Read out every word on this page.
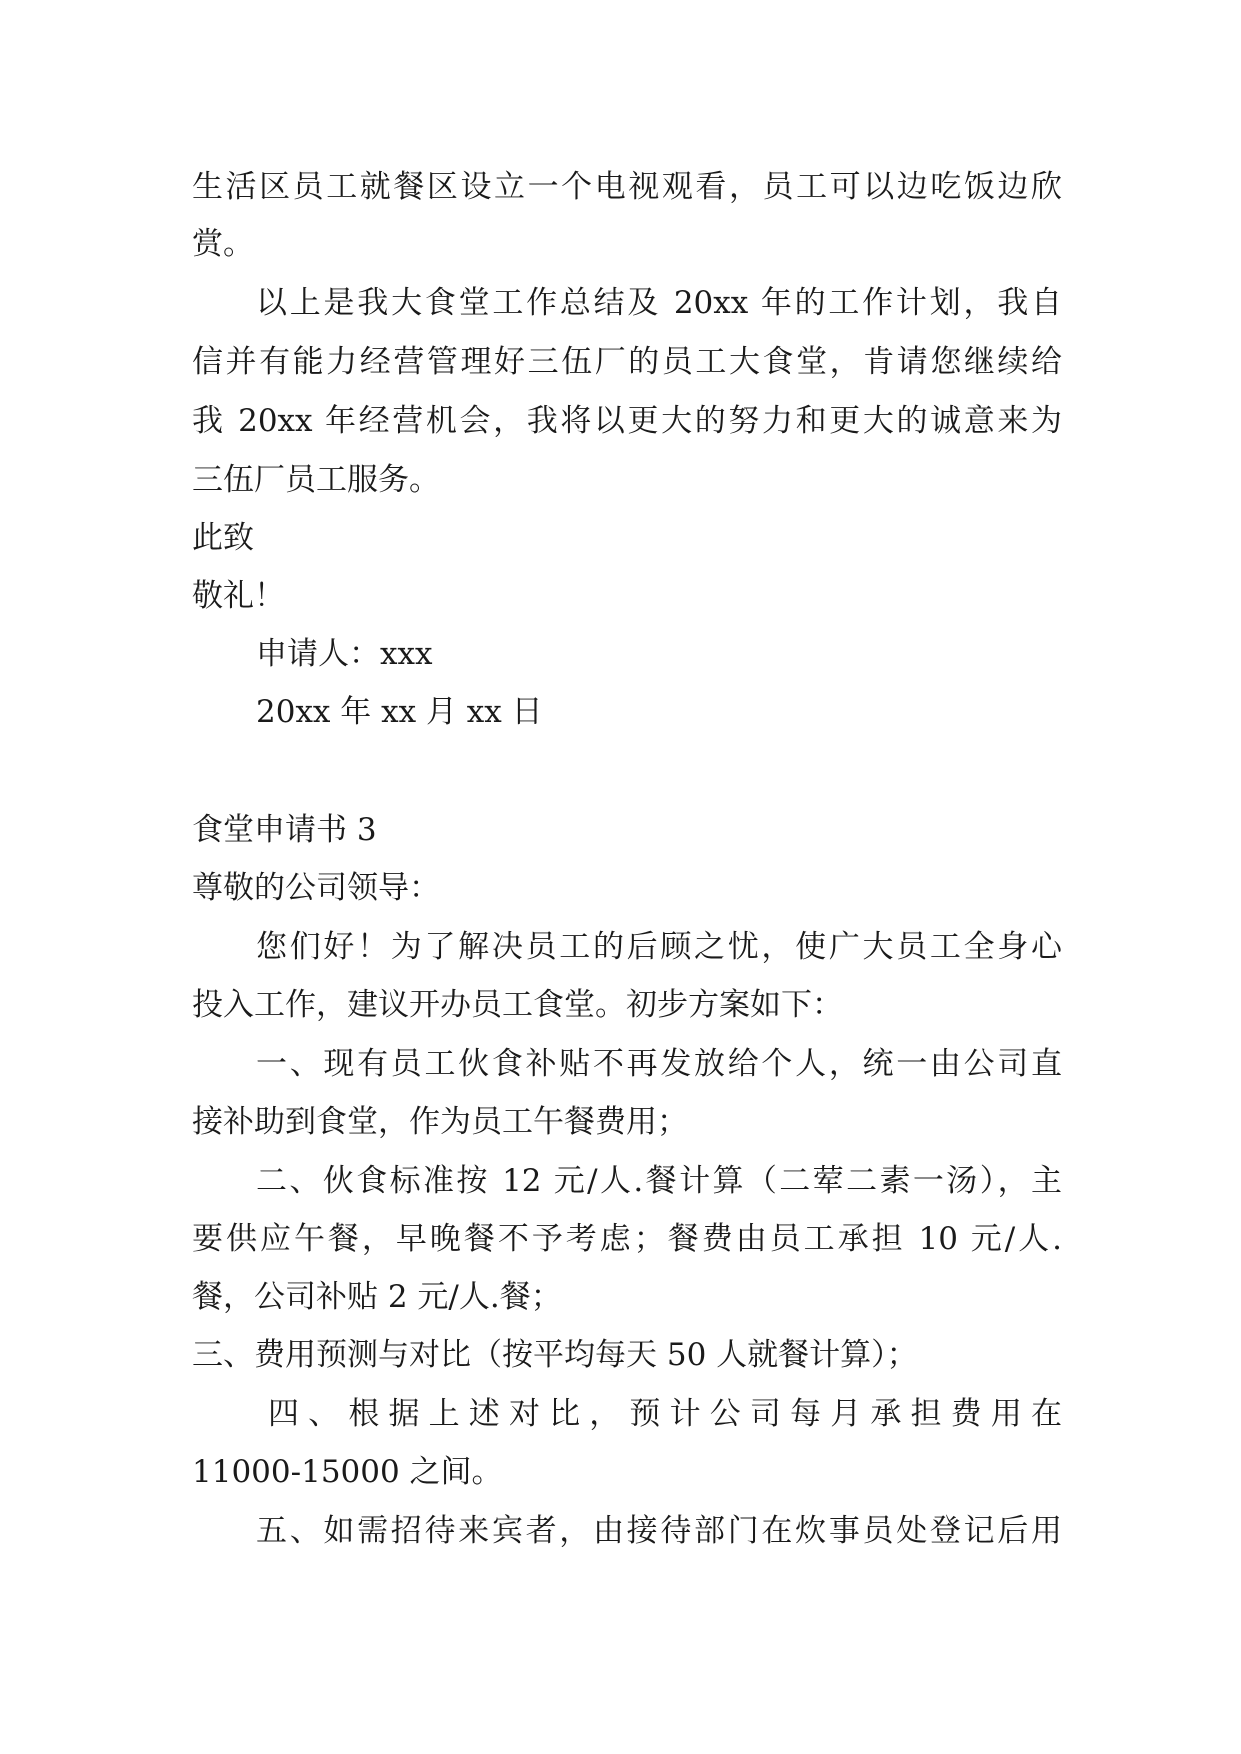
生活区员工就餐区设立一个电视观看，员工可以边吃饭边欣
赏。
以上是我大食堂工作总结及 20xx 年的工作计划，我自
信并有能力经营管理好三伍厂的员工大食堂，肯请您继续给
我 20xx 年经营机会，我将以更大的努力和更大的诚意来为
三伍厂员工服务。
此致
敬礼！
申请人：xxx
20xx 年 xx 月 xx 日
食堂申请书 3
尊敬的公司领导：
您们好！为了解决员工的后顾之忧，使广大员工全身心
投入工作，建议开办员工食堂。初步方案如下：
一、现有员工伙食补贴不再发放给个人，统一由公司直
接补助到食堂，作为员工午餐费用；
二、伙食标准按 12 元/人.餐计算（二荤二素一汤），主
要供应午餐，早晚餐不予考虑；餐费由员工承担 10 元/人.
餐，公司补贴 2 元/人.餐；
三、费用预测与对比（按平均每天 50 人就餐计算）；
四、根据上述对比，预计公司每月承担费用在
11000-15000 之间。
五、如需招待来宾者，由接待部门在炊事员处登记后用
